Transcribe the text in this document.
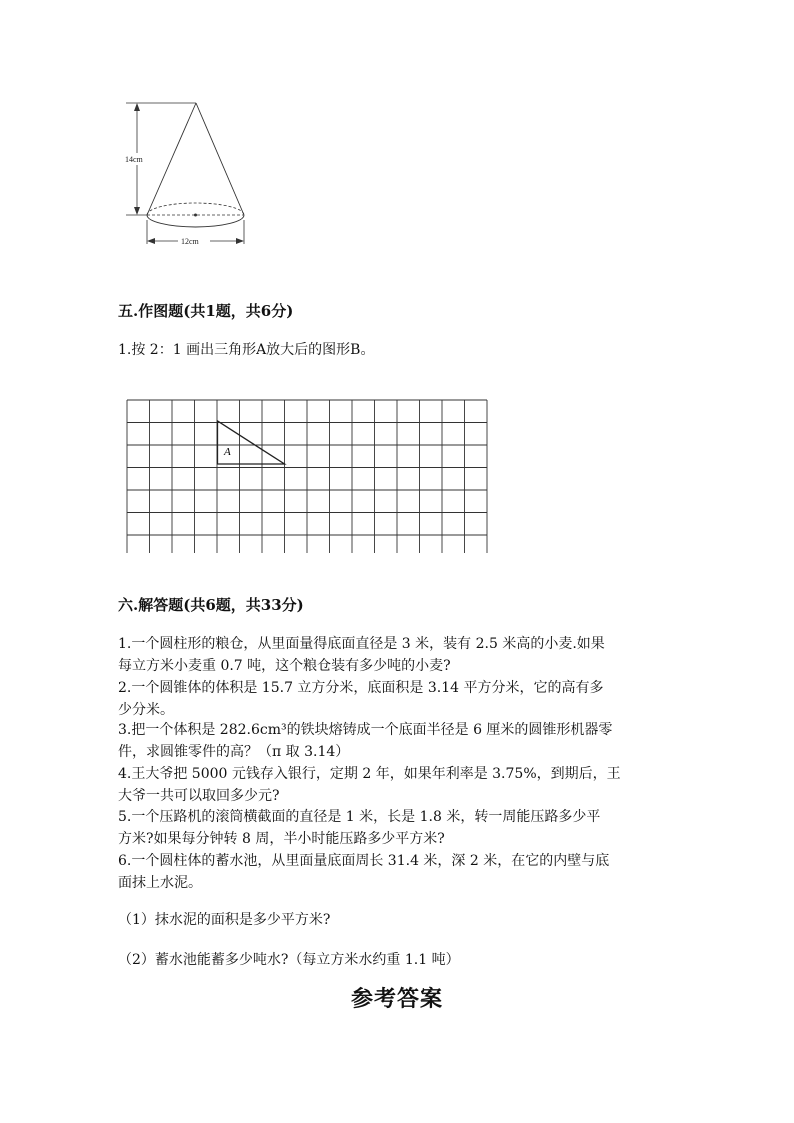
14cm
12cm
五.作图题(共1题，共6分)
1.按 2：1 画出三角形A放大后的图形B。
A
六.解答题(共6题，共33分)
1.一个圆柱形的粮仓，从里面量得底面直径是 3 米，装有 2.5 米高的小麦.如果
每立方米小麦重 0.7 吨，这个粮仓装有多少吨的小麦?
2.一个圆锥体的体积是 15.7 立方分米，底面积是 3.14 平方分米，它的高有多
少分米。
3.把一个体积是 282.6cm³的铁块熔铸成一个底面半径是 6 厘米的圆锥形机器零
件，求圆锥零件的高？（π 取 3.14）
4.王大爷把 5000 元钱存入银行，定期 2 年，如果年利率是 3.75%，到期后，王
大爷一共可以取回多少元?
5.一个压路机的滚筒横截面的直径是 1 米，长是 1.8 米，转一周能压路多少平
方米?如果每分钟转 8 周，半小时能压路多少平方米?
6.一个圆柱体的蓄水池，从里面量底面周长 31.4 米，深 2 米，在它的内壁与底
面抹上水泥。
（1）抹水泥的面积是多少平方米?
（2）蓄水池能蓄多少吨水?（每立方米水约重 1.1 吨）
参考答案
